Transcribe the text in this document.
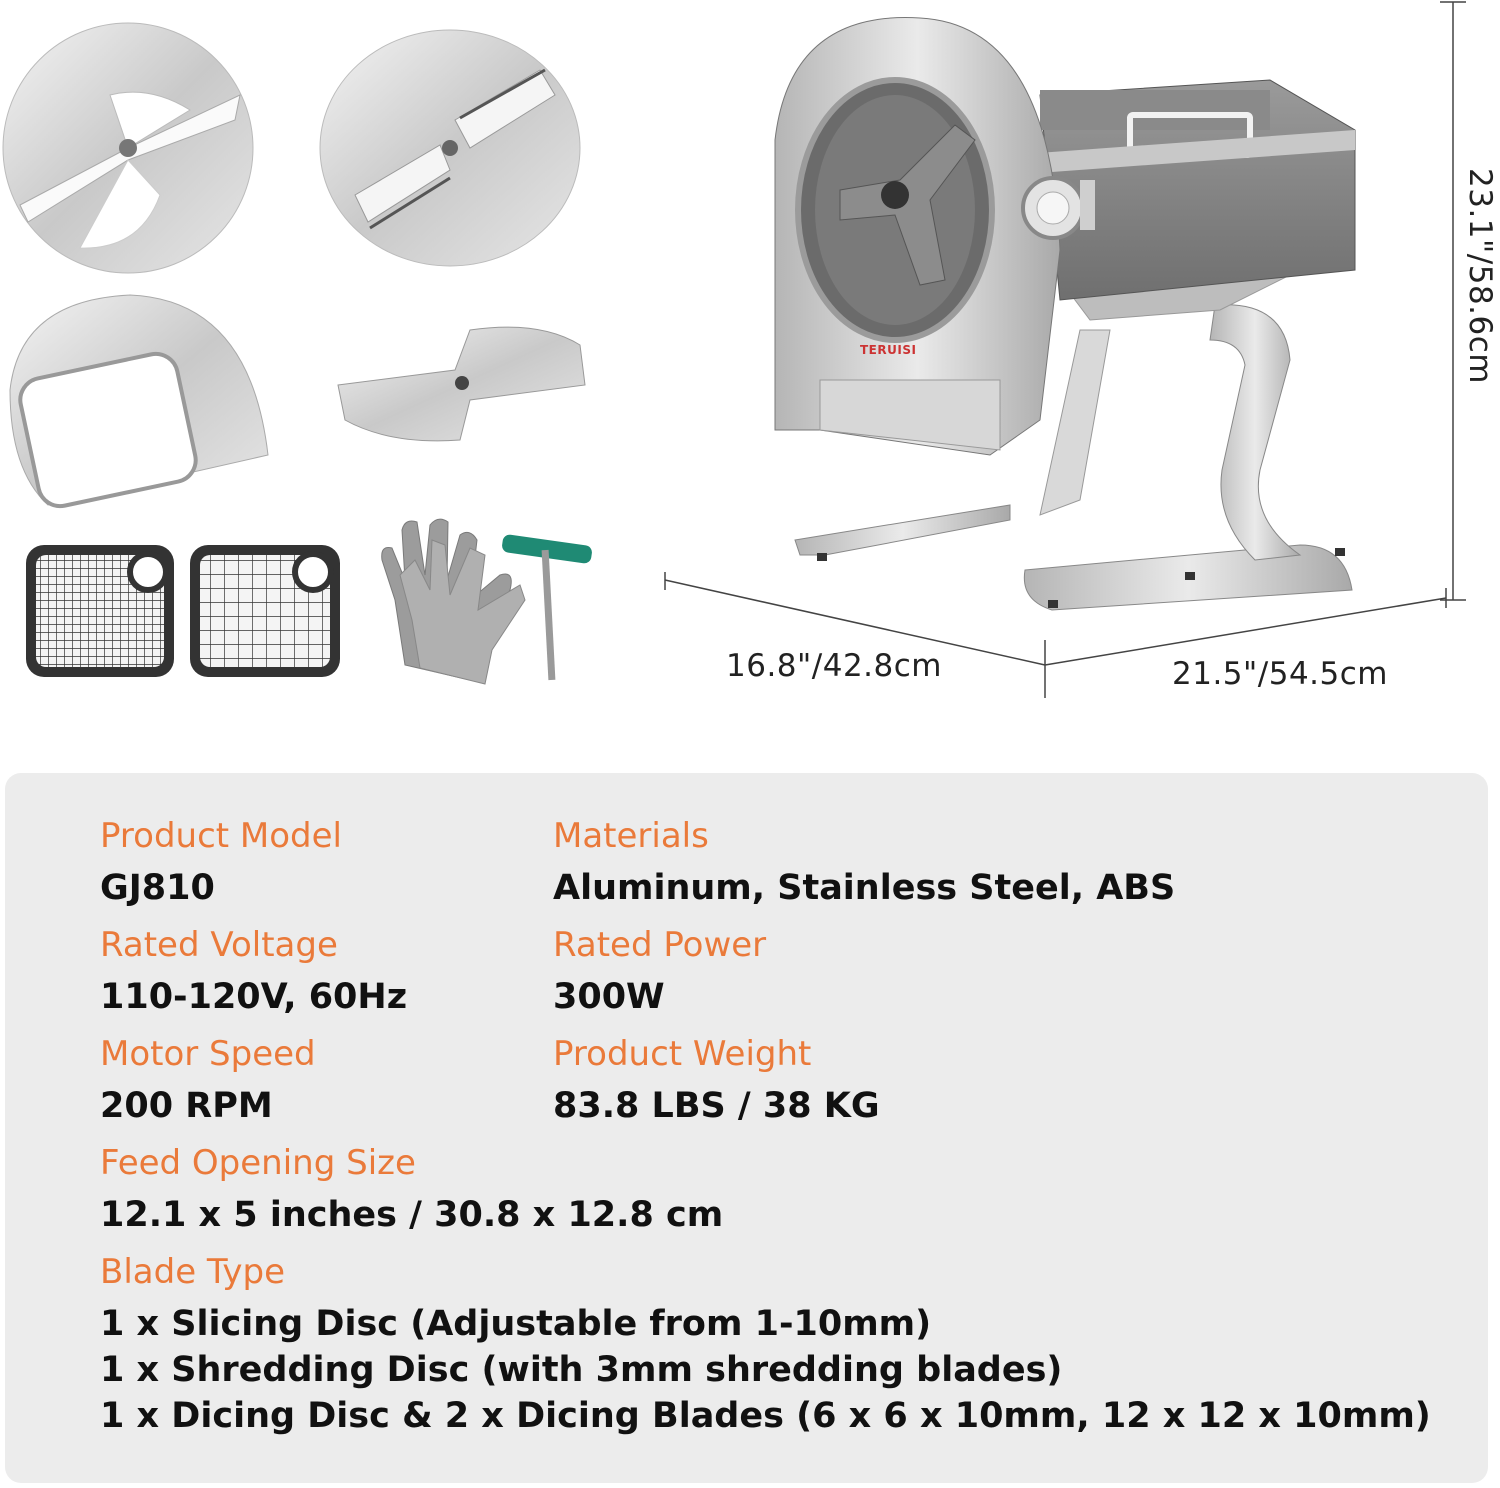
TERUISI
16.8"/42.8cm	21.5"/54.5cm
23.1"/58.6cm
Product Model
GJ810
Materials
Aluminum, Stainless Steel, ABS
Rated Voltage
110-120V, 60Hz
Rated Power
300W
Motor Speed
200 RPM
Product Weight
83.8 LBS / 38 KG
Feed Opening Size
12.1 x 5 inches / 30.8 x 12.8 cm
Blade Type
1 x Slicing Disc (Adjustable from 1-10mm)
1 x Shredding Disc (with 3mm shredding blades)
1 x Dicing Disc & 2 x Dicing Blades (6 x 6 x 10mm, 12 x 12 x 10mm)
